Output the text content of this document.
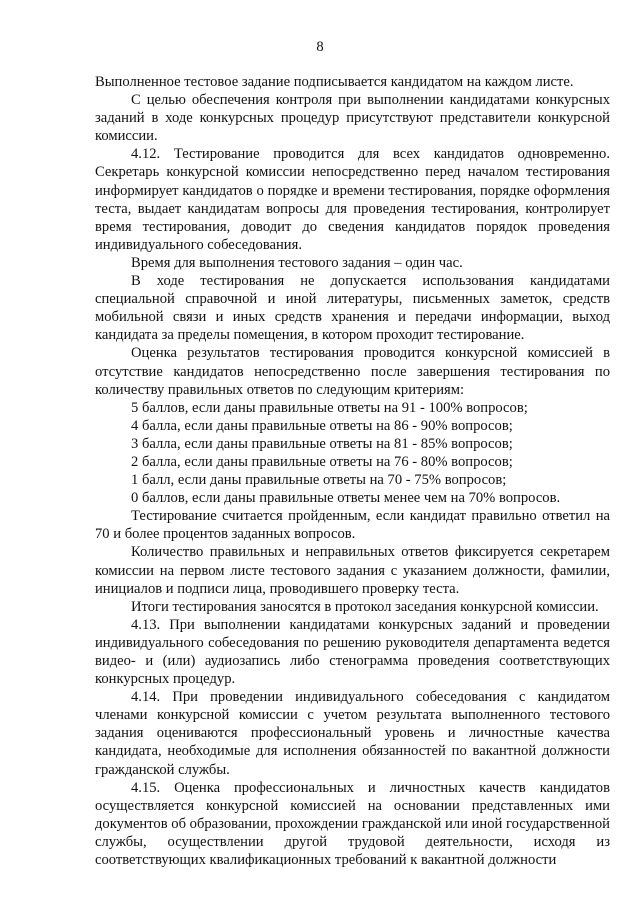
8

Выполненное тестовое задание подписывается кандидатом на каждом листе.

С целью обеспечения контроля при выполнении кандидатами конкурсных заданий в ходе конкурсных процедур присутствуют представители конкурсной комиссии.

4.12. Тестирование проводится для всех кандидатов одновременно. Секретарь конкурсной комиссии непосредственно перед началом тестирования информирует кандидатов о порядке и времени тестирования, порядке оформления теста, выдает кандидатам вопросы для проведения тестирования, контролирует время тестирования, доводит до сведения кандидатов порядок проведения индивидуального собеседования.

Время для выполнения тестового задания – один час.

В ходе тестирования не допускается использования кандидатами специальной справочной и иной литературы, письменных заметок, средств мобильной связи и иных средств хранения и передачи информации, выход кандидата за пределы помещения, в котором проходит тестирование.

Оценка результатов тестирования проводится конкурсной комиссией в отсутствие кандидатов непосредственно после завершения тестирования по количеству правильных ответов по следующим критериям:

5 баллов, если даны правильные ответы на 91 - 100% вопросов;

4 балла, если даны правильные ответы на 86 - 90% вопросов;

3 балла, если даны правильные ответы на 81 - 85% вопросов;

2 балла, если даны правильные ответы на 76 - 80% вопросов;

1 балл, если даны правильные ответы на 70 - 75% вопросов;

0 баллов, если даны правильные ответы менее чем на 70% вопросов.

Тестирование считается пройденным, если кандидат правильно ответил на 70 и более процентов заданных вопросов.

Количество правильных и неправильных ответов фиксируется секретарем комиссии на первом листе тестового задания с указанием должности, фамилии, инициалов и подписи лица, проводившего проверку теста.

Итоги тестирования заносятся в протокол заседания конкурсной комиссии.

4.13. При выполнении кандидатами конкурсных заданий и проведении индивидуального собеседования по решению руководителя департамента ведется видео- и (или) аудиозапись либо стенограмма проведения соответствующих конкурсных процедур.

4.14. При проведении индивидуального собеседования с кандидатом членами конкурсной комиссии с учетом результата выполненного тестового задания оцениваются профессиональный уровень и личностные качества кандидата, необходимые для исполнения обязанностей по вакантной должности гражданской службы.

4.15. Оценка профессиональных и личностных качеств кандидатов осуществляется конкурсной комиссией на основании представленных ими документов об образовании, прохождении гражданской или иной государственной службы, осуществлении другой трудовой деятельности, исходя из соответствующих квалификационных требований к вакантной должности
